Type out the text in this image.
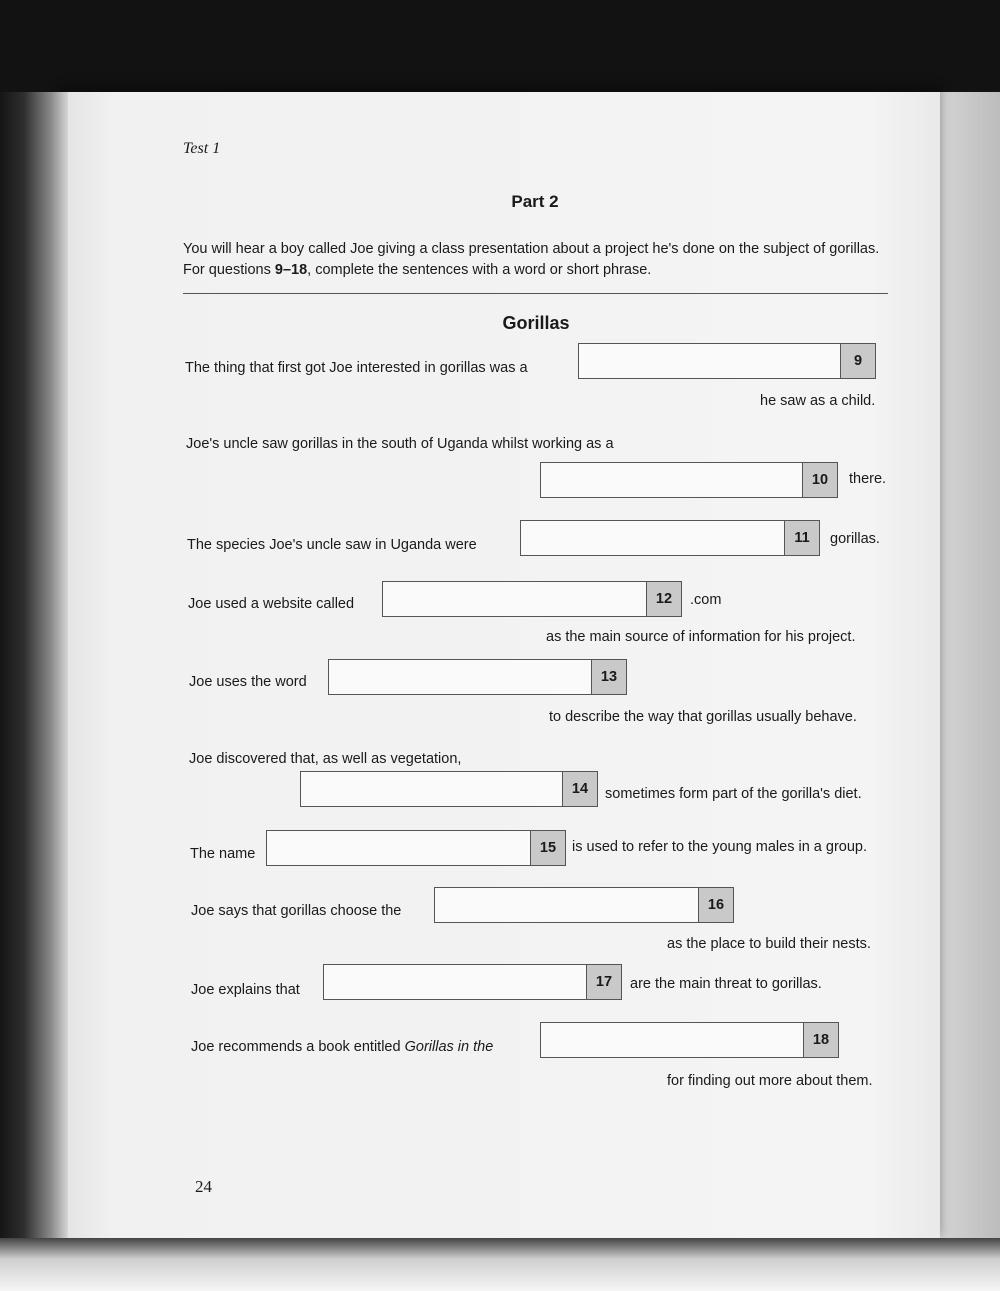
Test 1
Part 2
You will hear a boy called Joe giving a class presentation about a project he's done on the subject of gorillas. For questions 9–18, complete the sentences with a word or short phrase.
Gorillas
The thing that first got Joe interested in gorillas was a	9
he saw as a child.
Joe's uncle saw gorillas in the south of Uganda whilst working as a
10	there.
The species Joe's uncle saw in Uganda were	11	gorillas.
Joe used a website called	12	.com
as the main source of information for his project.
Joe uses the word	13
to describe the way that gorillas usually behave.
Joe discovered that, as well as vegetation,
14	sometimes form part of the gorilla's diet.
The name	15	is used to refer to the young males in a group.
Joe says that gorillas choose the	16
as the place to build their nests.
Joe explains that	17	are the main threat to gorillas.
Joe recommends a book entitled Gorillas in the	18
for finding out more about them.
24
